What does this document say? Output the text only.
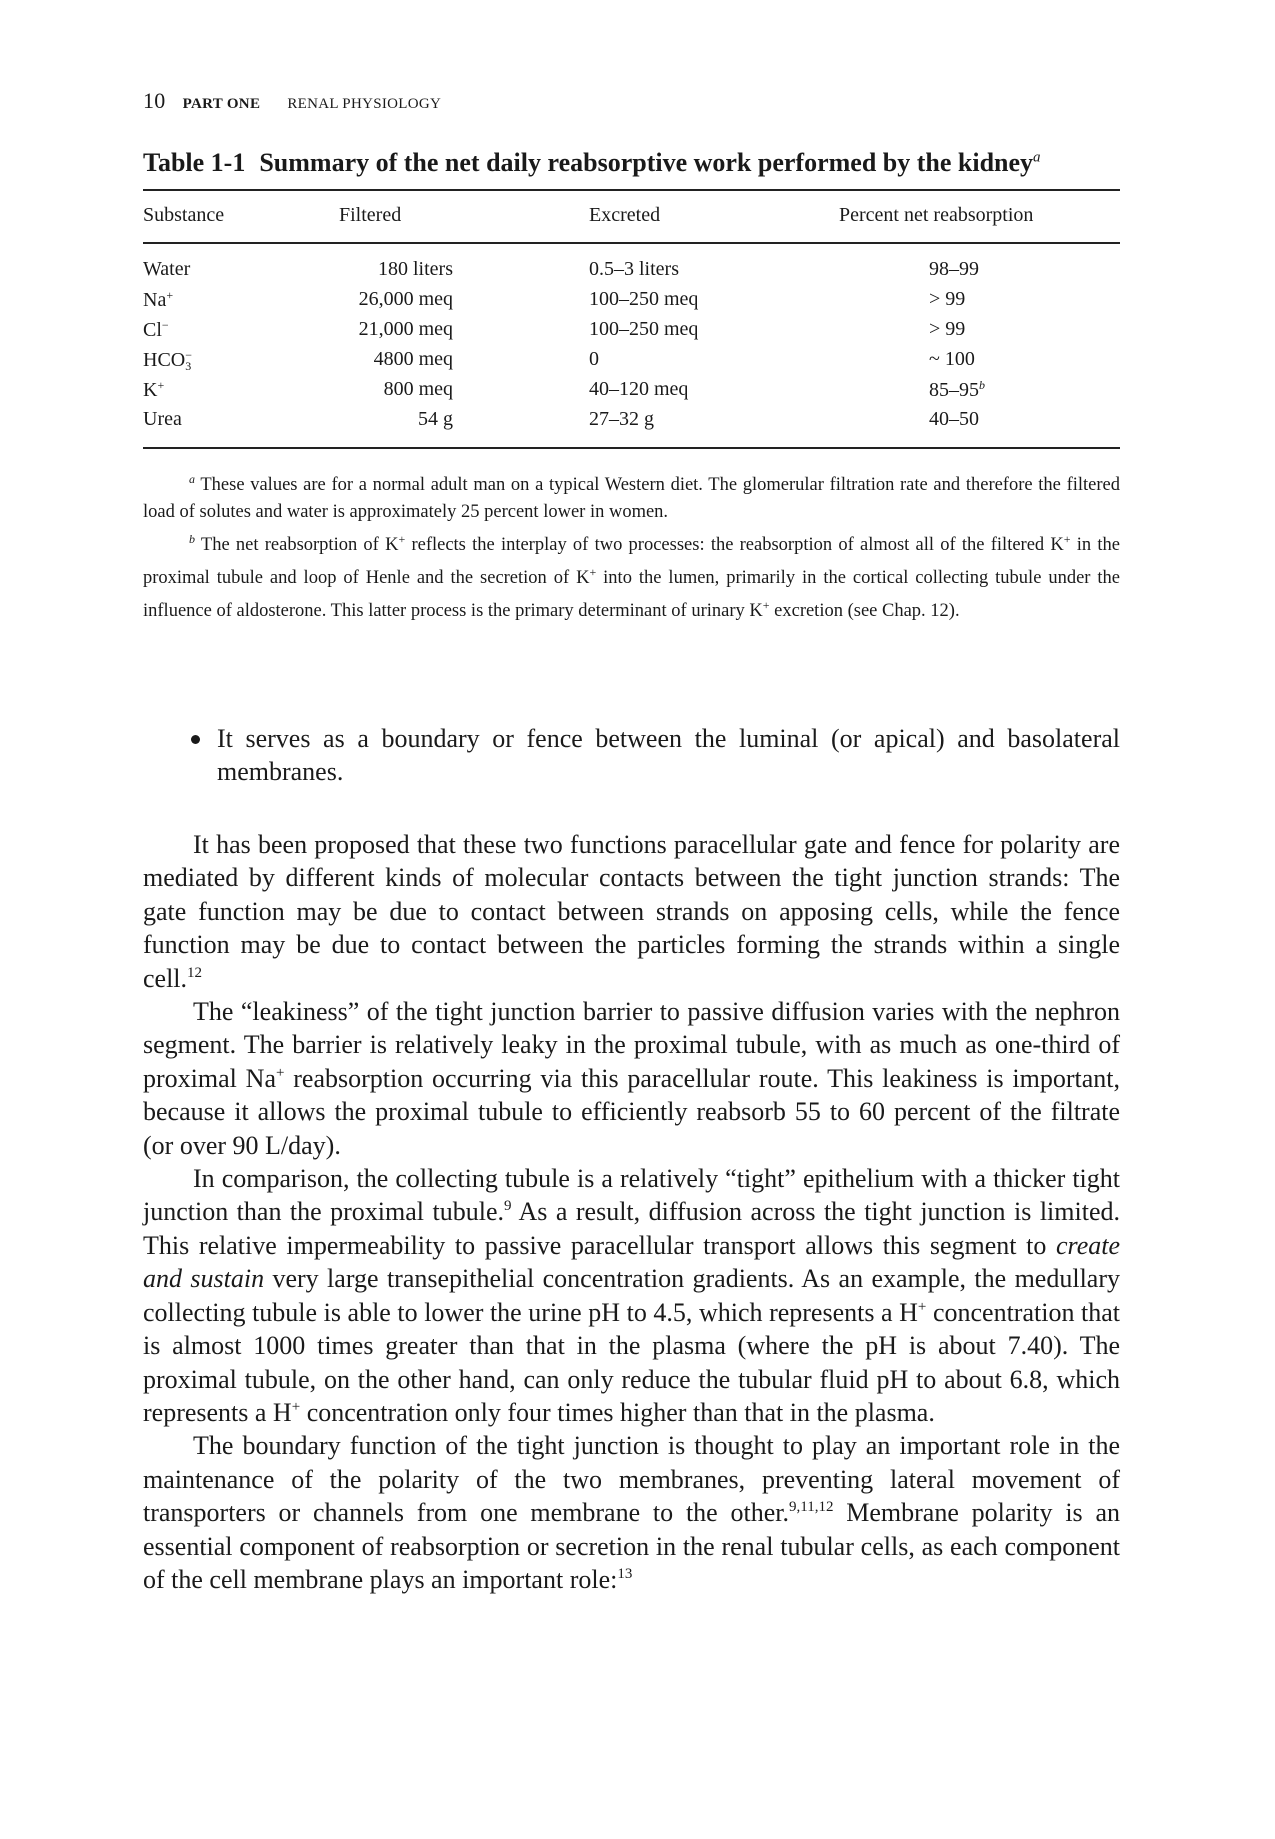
10 PART ONE RENAL PHYSIOLOGY
Table 1-1 Summary of the net daily reabsorptive work performed by the kidney$^a$
Substance	Filtered	Excreted	Percent net reabsorption
Water	180 liters	0.5–3 liters	98–99
Na+	26,000 meq	100–250 meq	> 99
Cl−	21,000 meq	100–250 meq	> 99
$HCO_3^-$	4800 meq	0	~ 100
K+	800 meq	40–120 meq	85–95$^b$
Urea	54 g	27–32 g	40–50

$^a$ These values are for a normal adult man on a typical Western diet. The glomerular filtration rate and therefore the filtered load of solutes and water is approximately 25 percent lower in women.

$^b$ The net reabsorption of K+ reflects the interplay of two processes: the reabsorption of almost all of the filtered K+ in the proximal tubule and loop of Henle and the secretion of K+ into the lumen, primarily in the cortical collecting tubule under the influence of aldosterone. This latter process is the primary determinant of urinary K+ excretion (see Chap. 12).

It serves as a boundary or fence between the luminal (or apical) and basolateral membranes.

It has been proposed that these two functions paracellular gate and fence for polarity are mediated by different kinds of molecular contacts between the tight junction strands: The gate function may be due to contact between strands on apposing cells, while the fence function may be due to contact between the particles forming the strands within a single cell.$^{12}$

The “leakiness” of the tight junction barrier to passive diffusion varies with the nephron segment. The barrier is relatively leaky in the proximal tubule, with as much as one-third of proximal Na+ reabsorption occurring via this paracellular route. This leakiness is important, because it allows the proximal tubule to efficiently reabsorb 55 to 60 percent of the filtrate (or over 90 L/day).

In comparison, the collecting tubule is a relatively “tight” epithelium with a thicker tight junction than the proximal tubule.$^9$ As a result, diffusion across the tight junction is limited. This relative impermeability to passive paracellular transport allows this segment to create and sustain very large transepithelial concentration gradients. As an example, the medullary collecting tubule is able to lower the urine pH to 4.5, which represents a H+ concentration that is almost 1000 times greater than that in the plasma (where the pH is about 7.40). The proximal tubule, on the other hand, can only reduce the tubular fluid pH to about 6.8, which represents a H+ concentration only four times higher than that in the plasma.

The boundary function of the tight junction is thought to play an important role in the maintenance of the polarity of the two membranes, preventing lateral movement of transporters or channels from one membrane to the other.$^{9,11,12}$ Membrane polarity is an essential component of reabsorption or secretion in the renal tubular cells, as each component of the cell membrane plays an important role:$^{13}$
